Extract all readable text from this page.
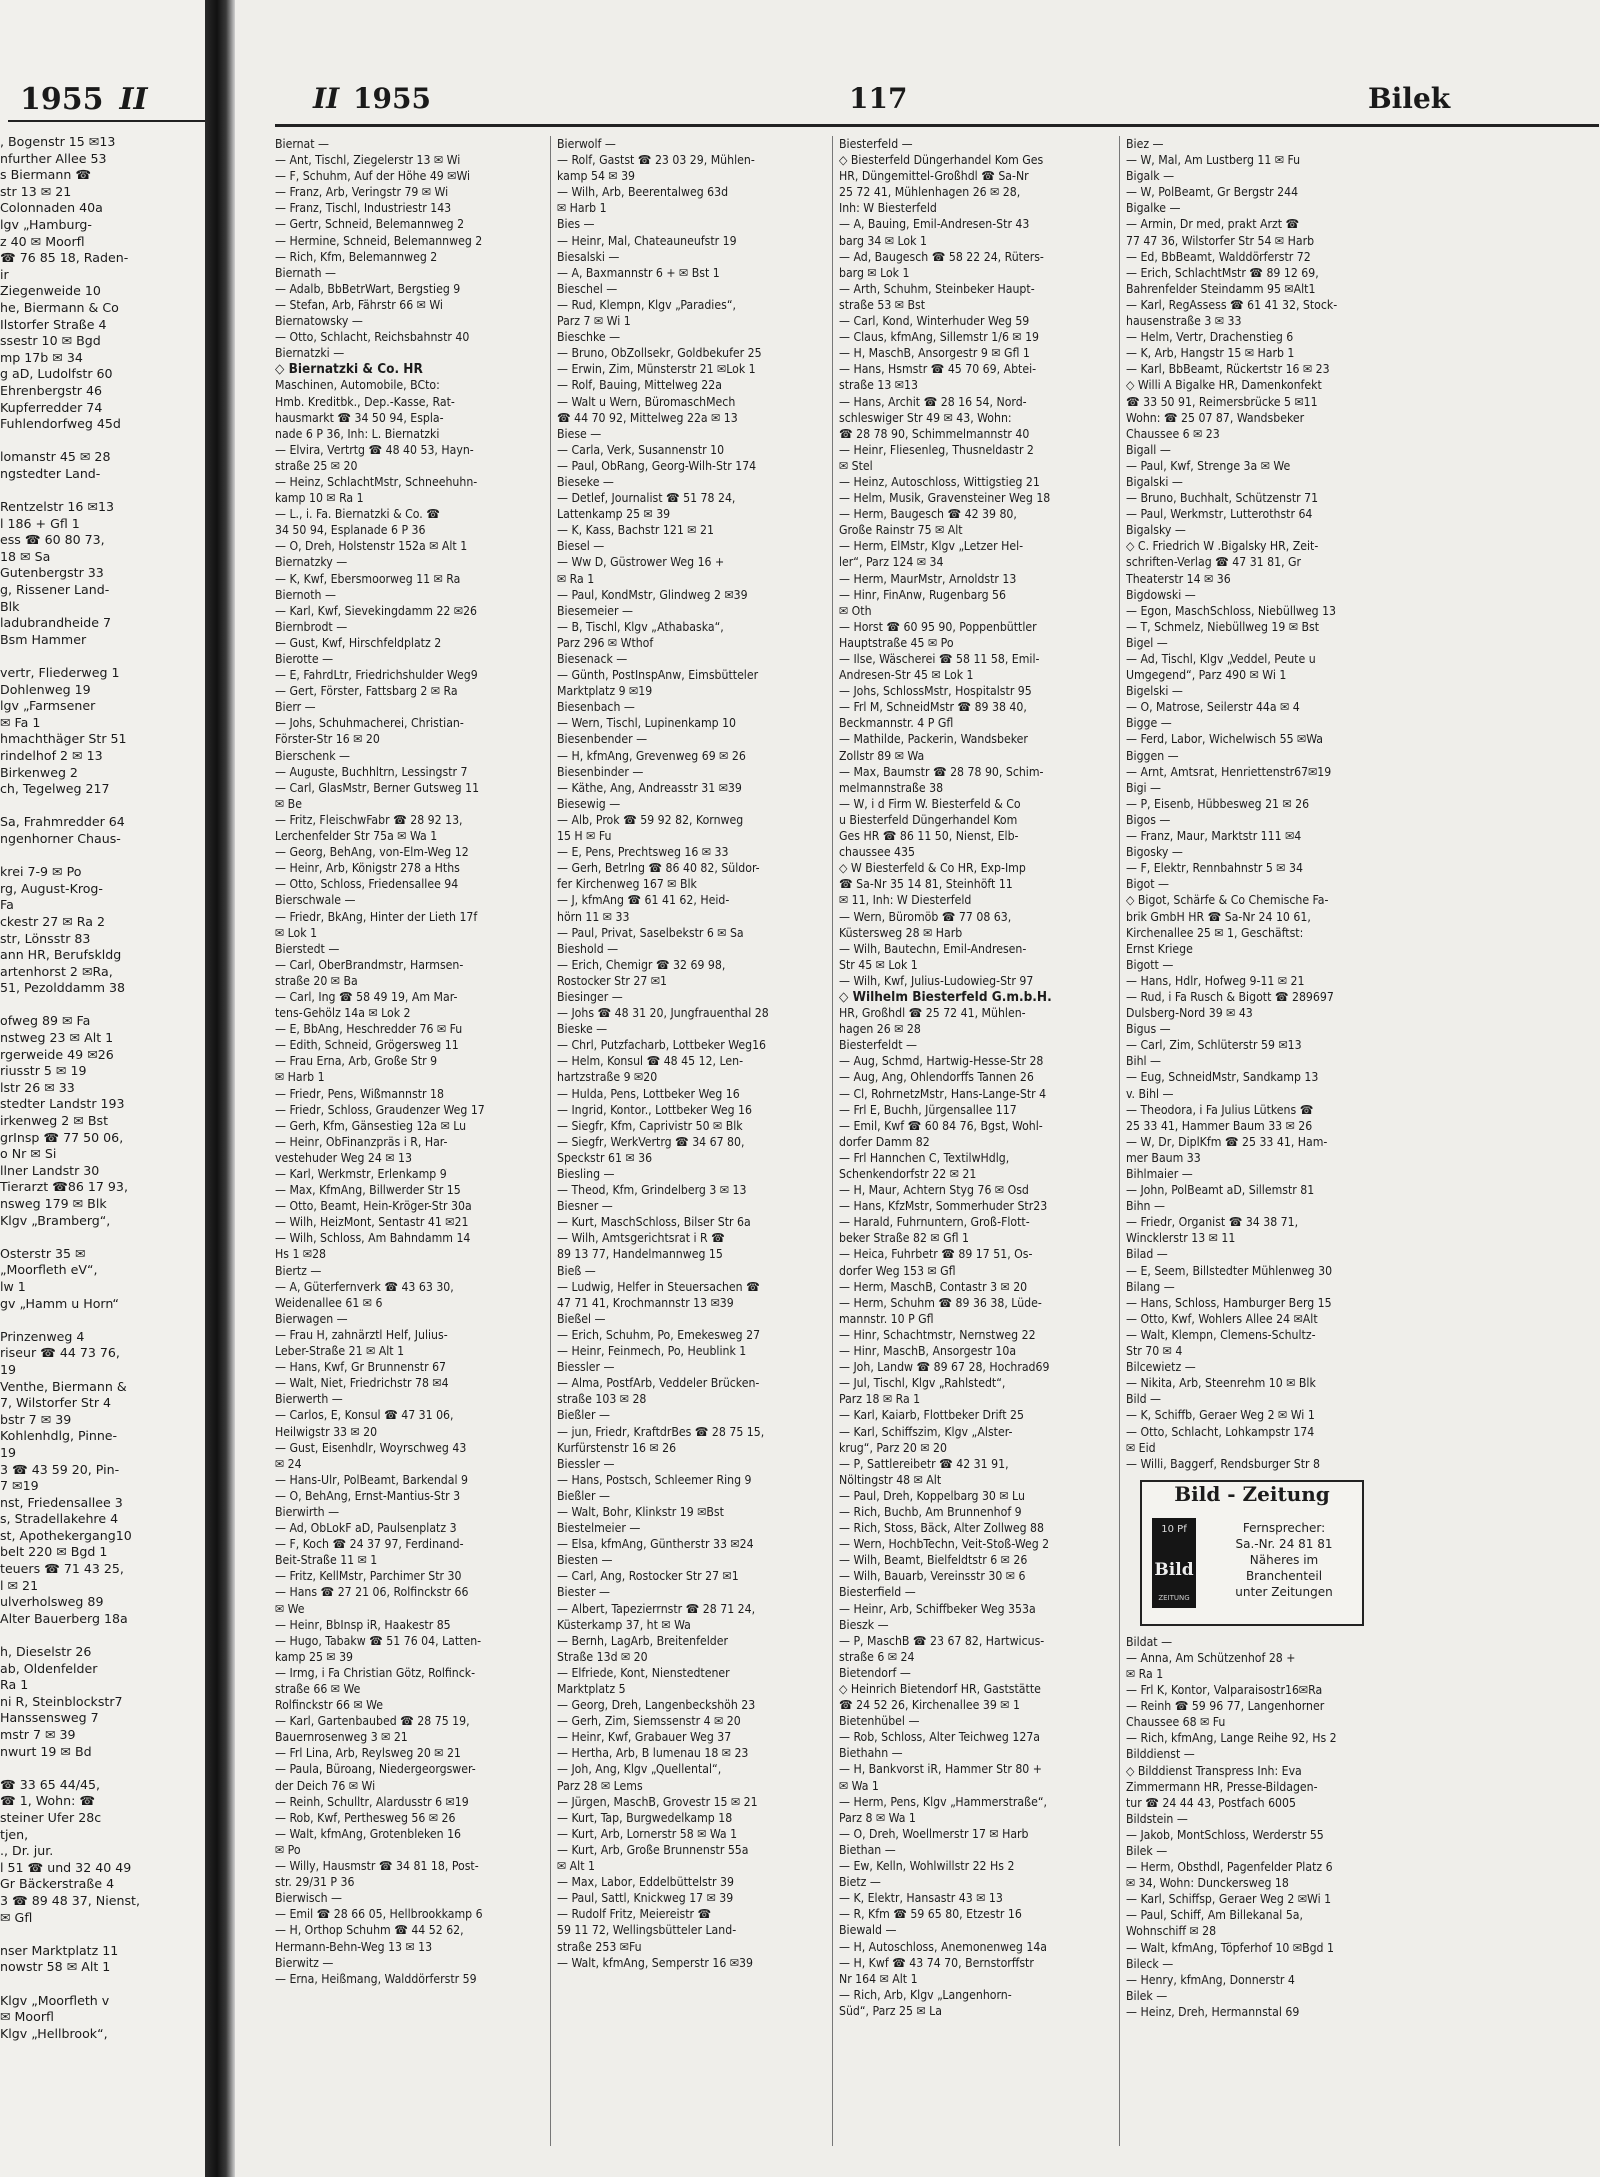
1955 II
, Bogenstr 15 ✉13
nfurther Allee 53
s Biermann ☎
str 13 ✉ 21
Colonnaden 40a
lgv „Hamburg-
z 40 ✉ Moorfl
☎ 76 85 18, Raden-
ir
Ziegenweide 10
he, Biermann & Co
Ilstorfer Straße 4
ssestr 10 ✉ Bgd
mp 17b ✉ 34
g aD, Ludolfstr 60
Ehrenbergstr 46
Kupferredder 74
Fuhlendorfweg 45d

lomanstr 45 ✉ 28
ngstedter Land-

Rentzelstr 16 ✉13
l 186 + Gfl 1
ess ☎ 60 80 73,
18 ✉ Sa
Gutenbergstr 33
g, Rissener Land-
Blk
ladubrandheide 7
Bsm Hammer

vertr, Fliederweg 1
Dohlenweg 19
lgv „Farmsener
✉ Fa 1
hmachthäger Str 51
rindelhof 2 ✉ 13
Birkenweg 2
ch, Tegelweg 217

Sa, Frahmredder 64
ngenhorner Chaus-

krei 7-9 ✉ Po
rg, August-Krog-
Fa
ckestr 27 ✉ Ra 2
str, Lönsstr 83
ann HR, Berufskldg
artenhorst 2 ✉Ra,
51, Pezolddamm 38

ofweg 89 ✉ Fa
nstweg 23 ✉ Alt 1
rgerweide 49 ✉26
riusstr 5 ✉ 19
lstr 26 ✉ 33
stedter Landstr 193
irkenweg 2 ✉ Bst
grInsp ☎ 77 50 06,
o Nr ✉ Si
llner Landstr 30
Tierarzt ☎86 17 93,
nsweg 179 ✉ Blk
Klgv „Bramberg“,

Osterstr 35 ✉
„Moorfleth eV“,
lw 1
gv „Hamm u Horn“

Prinzenweg 4
riseur ☎ 44 73 76,
19
Venthe, Biermann &
7, Wilstorfer Str 4
bstr 7 ✉ 39
Kohlenhdlg, Pinne-
19
3 ☎ 43 59 20, Pin-
7 ✉19
nst, Friedensallee 3
s, Stradellakehre 4
st, Apothekergang10
belt 220 ✉ Bgd 1
teuers ☎ 71 43 25,
l ✉ 21
ulverholsweg 89
Alter Bauerberg 18a

h, Dieselstr 26
ab, Oldenfelder
Ra 1
ni R, Steinblockstr7
Hanssensweg 7
mstr 7 ✉ 39
nwurt 19 ✉ Bd

☎ 33 65 44/45,
☎ 1, Wohn: ☎
steiner Ufer 28c
tjen,
., Dr. jur.
l 51 ☎ und 32 40 49
Gr Bäckerstraße 4
3 ☎ 89 48 37, Nienst,
✉ Gfl

nser Marktplatz 11
nowstr 58 ✉ Alt 1

Klgv „Moorfleth v
✉ Moorfl
Klgv „Hellbrook“,
II 1955	117	Bilek
Biernat —
— Ant, Tischl, Ziegelerstr 13 ✉ Wi
— F, Schuhm, Auf der Höhe 49 ✉Wi
— Franz, Arb, Veringstr 79 ✉ Wi
— Franz, Tischl, Industriestr 143
— Gertr, Schneid, Belemannweg 2
— Hermine, Schneid, Belemannweg 2
— Rich, Kfm, Belemannweg 2
Biernath —
— Adalb, BbBetrWart, Bergstieg 9
— Stefan, Arb, Fährstr 66 ✉ Wi
Biernatowsky —
— Otto, Schlacht, Reichsbahnstr 40
Biernatzki —
◇ Biernatzki & Co. HR
Maschinen, Automobile, BCto:
Hmb. Kreditbk., Dep.-Kasse, Rat-
hausmarkt ☎ 34 50 94, Espla-
nade 6 P 36, Inh: L. Biernatzki
— Elvira, Vertrtg ☎ 48 40 53, Hayn-
straße 25 ✉ 20
— Heinz, SchlachtMstr, Schneehuhn-
kamp 10 ✉ Ra 1
— L., i. Fa. Biernatzki & Co. ☎
34 50 94, Esplanade 6 P 36
— O, Dreh, Holstenstr 152a ✉ Alt 1
Biernatzky —
— K, Kwf, Ebersmoorweg 11 ✉ Ra
Biernoth —
— Karl, Kwf, Sievekingdamm 22 ✉26
Biernbrodt —
— Gust, Kwf, Hirschfeldplatz 2
Bierotte —
— E, FahrdLtr, Friedrichshulder Weg9
— Gert, Förster, Fattsbarg 2 ✉ Ra
Bierr —
— Johs, Schuhmacherei, Christian-
Förster-Str 16 ✉ 20
Bierschenk —
— Auguste, Buchhltrn, Lessingstr 7
— Carl, GlasMstr, Berner Gutsweg 11
✉ Be
— Fritz, FleischwFabr ☎ 28 92 13,
Lerchenfelder Str 75a ✉ Wa 1
— Georg, BehAng, von-Elm-Weg 12
— Heinr, Arb, Königstr 278 a Hths
— Otto, Schloss, Friedensallee 94
Bierschwale —
— Friedr, BkAng, Hinter der Lieth 17f
✉ Lok 1
Bierstedt —
— Carl, OberBrandmstr, Harmsen-
straße 20 ✉ Ba
— Carl, Ing ☎ 58 49 19, Am Mar-
tens-Gehölz 14a ✉ Lok 2
— E, BbAng, Heschredder 76 ✉ Fu
— Edith, Schneid, Grögersweg 11
— Frau Erna, Arb, Große Str 9
✉ Harb 1
— Friedr, Pens, Wißmannstr 18
— Friedr, Schloss, Graudenzer Weg 17
— Gerh, Kfm, Gänsestieg 12a ✉ Lu
— Heinr, ObFinanzpräs i R, Har-
vestehuder Weg 24 ✉ 13
— Karl, Werkmstr, Erlenkamp 9
— Max, KfmAng, Billwerder Str 15
— Otto, Beamt, Hein-Kröger-Str 30a
— Wilh, HeizMont, Sentastr 41 ✉21
— Wilh, Schloss, Am Bahndamm 14
Hs 1 ✉28
Biertz —
— A, Güterfernverk ☎ 43 63 30,
Weidenallee 61 ✉ 6
Bierwagen —
— Frau H, zahnärztl Helf, Julius-
Leber-Straße 21 ✉ Alt 1
— Hans, Kwf, Gr Brunnenstr 67
— Walt, Niet, Friedrichstr 78 ✉4
Bierwerth —
— Carlos, E, Konsul ☎ 47 31 06,
Heilwigstr 33 ✉ 20
— Gust, Eisenhdlr, Woyrschweg 43
✉ 24
— Hans-Ulr, PolBeamt, Barkendal 9
— O, BehAng, Ernst-Mantius-Str 3
Bierwirth —
— Ad, ObLokF aD, Paulsenplatz 3
— F, Koch ☎ 24 37 97, Ferdinand-
Beit-Straße 11 ✉ 1
— Fritz, KellMstr, Parchimer Str 30
— Hans ☎ 27 21 06, Rolfinckstr 66
✉ We
— Heinr, BbInsp iR, Haakestr 85
— Hugo, Tabakw ☎ 51 76 04, Latten-
kamp 25 ✉ 39
— Irmg, i Fa Christian Götz, Rolfinck-
straße 66 ✉ We
Rolfinckstr 66 ✉ We
— Karl, Gartenbaubed ☎ 28 75 19,
Bauernrosenweg 3 ✉ 21
— Frl Lina, Arb, Reylsweg 20 ✉ 21
— Paula, Büroang, Niedergeorgswer-
der Deich 76 ✉ Wi
— Reinh, Schulltr, Alardusstr 6 ✉19
— Rob, Kwf, Perthesweg 56 ✉ 26
— Walt, kfmAng, Grotenbleken 16
✉ Po
— Willy, Hausmstr ☎ 34 81 18, Post-
str. 29/31 P 36
Bierwisch —
— Emil ☎ 28 66 05, Hellbrookkamp 6
— H, Orthop Schuhm ☎ 44 52 62,
Hermann-Behn-Weg 13 ✉ 13
Bierwitz —
— Erna, Heißmang, Walddörferstr 59
Bierwolf —
— Rolf, Gastst ☎ 23 03 29, Mühlen-
kamp 54 ✉ 39
— Wilh, Arb, Beerentalweg 63d
✉ Harb 1
Bies —
— Heinr, Mal, Chateauneufstr 19
Biesalski —
— A, Baxmannstr 6 + ✉ Bst 1
Bieschel —
— Rud, Klempn, Klgv „Paradies“,
Parz 7 ✉ Wi 1
Bieschke —
— Bruno, ObZollsekr, Goldbekufer 25
— Erwin, Zim, Münsterstr 21 ✉Lok 1
— Rolf, Bauing, Mittelweg 22a
— Walt u Wern, BüromaschMech
☎ 44 70 92, Mittelweg 22a ✉ 13
Biese —
— Carla, Verk, Susannenstr 10
— Paul, ObRang, Georg-Wilh-Str 174
Bieseke —
— Detlef, Journalist ☎ 51 78 24,
Lattenkamp 25 ✉ 39
— K, Kass, Bachstr 121 ✉ 21
Biesel —
— Ww D, Güstrower Weg 16 +
✉ Ra 1
— Paul, KondMstr, Glindweg 2 ✉39
Biesemeier —
— B, Tischl, Klgv „Athabaska“,
Parz 296 ✉ Wthof
Biesenack —
— Günth, PostInspAnw, Eimsbütteler
Marktplatz 9 ✉19
Biesenbach —
— Wern, Tischl, Lupinenkamp 10
Biesenbender —
— H, kfmAng, Grevenweg 69 ✉ 26
Biesenbinder —
— Käthe, Ang, Andreasstr 31 ✉39
Biesewig —
— Alb, Prok ☎ 59 92 82, Kornweg
15 H ✉ Fu
— E, Pens, Prechtsweg 16 ✉ 33
— Gerh, Betrlng ☎ 86 40 82, Süldor-
fer Kirchenweg 167 ✉ Blk
— J, kfmAng ☎ 61 41 62, Heid-
hörn 11 ✉ 33
— Paul, Privat, Saselbekstr 6 ✉ Sa
Bieshold —
— Erich, Chemigr ☎ 32 69 98,
Rostocker Str 27 ✉1
Biesinger —
— Johs ☎ 48 31 20, Jungfrauenthal 28
Bieske —
— Chrl, Putzfacharb, Lottbeker Weg16
— Helm, Konsul ☎ 48 45 12, Len-
hartzstraße 9 ✉20
— Hulda, Pens, Lottbeker Weg 16
— Ingrid, Kontor., Lottbeker Weg 16
— Siegfr, Kfm, Caprivistr 50 ✉ Blk
— Siegfr, WerkVertrg ☎ 34 67 80,
Speckstr 61 ✉ 36
Biesling —
— Theod, Kfm, Grindelberg 3 ✉ 13
Biesner —
— Kurt, MaschSchloss, Bilser Str 6a
— Wilh, Amtsgerichtsrat i R ☎
89 13 77, Handelmannweg 15
Bieß —
— Ludwig, Helfer in Steuersachen ☎
47 71 41, Krochmannstr 13 ✉39
Bießel —
— Erich, Schuhm, Po, Emekesweg 27
— Heinr, Feinmech, Po, Heublink 1
Biessler —
— Alma, PostfArb, Veddeler Brücken-
straße 103 ✉ 28
Bießler —
— jun, Friedr, KraftdrBes ☎ 28 75 15,
Kurfürstenstr 16 ✉ 26
Biessler —
— Hans, Postsch, Schleemer Ring 9
Bießler —
— Walt, Bohr, Klinkstr 19 ✉Bst
Biestelmeier —
— Elsa, kfmAng, Güntherstr 33 ✉24
Biesten —
— Carl, Ang, Rostocker Str 27 ✉1
Biester —
— Albert, Tapezierrnstr ☎ 28 71 24,
Küsterkamp 37, ht ✉ Wa
— Bernh, LagArb, Breitenfelder
Straße 13d ✉ 20
— Elfriede, Kont, Nienstedtener
Marktplatz 5
— Georg, Dreh, Langenbeckshöh 23
— Gerh, Zim, Siemssenstr 4 ✉ 20
— Heinr, Kwf, Grabauer Weg 37
— Hertha, Arb, B lumenau 18 ✉ 23
— Joh, Ang, Klgv „Quellental“,
Parz 28 ✉ Lems
— Jürgen, MaschB, Grovestr 15 ✉ 21
— Kurt, Tap, Burgwedelkamp 18
— Kurt, Arb, Lornerstr 58 ✉ Wa 1
— Kurt, Arb, Große Brunnenstr 55a
✉ Alt 1
— Max, Labor, Eddelbüttelstr 39
— Paul, Sattl, Knickweg 17 ✉ 39
— Rudolf Fritz, Meiereistr ☎
59 11 72, Wellingsbütteler Land-
straße 253 ✉Fu
— Walt, kfmAng, Semperstr 16 ✉39
Biesterfeld —
◇ Biesterfeld Düngerhandel Kom Ges
HR, Düngemittel-Großhdl ☎ Sa-Nr
25 72 41, Mühlenhagen 26 ✉ 28,
Inh: W Biesterfeld
— A, Bauing, Emil-Andresen-Str 43
barg 34 ✉ Lok 1
— Ad, Baugesch ☎ 58 22 24, Rüters-
barg ✉ Lok 1
— Arth, Schuhm, Steinbeker Haupt-
straße 53 ✉ Bst
— Carl, Kond, Winterhuder Weg 59
— Claus, kfmAng, Sillemstr 1/6 ✉ 19
— H, MaschB, Ansorgestr 9 ✉ Gfl 1
— Hans, Hsmstr ☎ 45 70 69, Abtei-
straße 13 ✉13
— Hans, Archit ☎ 28 16 54, Nord-
schleswiger Str 49 ✉ 43, Wohn:
☎ 28 78 90, Schimmelmannstr 40
— Heinr, Fliesenleg, Thusneldastr 2
✉ Stel
— Heinz, Autoschloss, Wittigstieg 21
— Helm, Musik, Gravensteiner Weg 18
— Herm, Baugesch ☎ 42 39 80,
Große Rainstr 75 ✉ Alt
— Herm, ElMstr, Klgv „Letzer Hel-
ler“, Parz 124 ✉ 34
— Herm, MaurMstr, Arnoldstr 13
— Hinr, FinAnw, Rugenbarg 56
✉ Oth
— Horst ☎ 60 95 90, Poppenbüttler
Hauptstraße 45 ✉ Po
— Ilse, Wäscherei ☎ 58 11 58, Emil-
Andresen-Str 45 ✉ Lok 1
— Johs, SchlossMstr, Hospitalstr 95
— Frl M, SchneidMstr ☎ 89 38 40,
Beckmannstr. 4 P Gfl
— Mathilde, Packerin, Wandsbeker
Zollstr 89 ✉ Wa
— Max, Baumstr ☎ 28 78 90, Schim-
melmannstraße 38
— W, i d Firm W. Biesterfeld & Co
u Biesterfeld Düngerhandel Kom
Ges HR ☎ 86 11 50, Nienst, Elb-
chaussee 435
◇ W Biesterfeld & Co HR, Exp-Imp
☎ Sa-Nr 35 14 81, Steinhöft 11
✉ 11, Inh: W Diesterfeld
— Wern, Büromöb ☎ 77 08 63,
Küstersweg 28 ✉ Harb
— Wilh, Bautechn, Emil-Andresen-
Str 45 ✉ Lok 1
— Wilh, Kwf, Julius-Ludowieg-Str 97
◇ Wilhelm Biesterfeld G.m.b.H.
HR, Großhdl ☎ 25 72 41, Mühlen-
hagen 26 ✉ 28
Biesterfeldt —
— Aug, Schmd, Hartwig-Hesse-Str 28
— Aug, Ang, Ohlendorffs Tannen 26
— Cl, RohrnetzMstr, Hans-Lange-Str 4
— Frl E, Buchh, Jürgensallee 117
— Emil, Kwf ☎ 60 84 76, Bgst, Wohl-
dorfer Damm 82
— Frl Hannchen C, TextilwHdlg,
Schenkendorfstr 22 ✉ 21
— H, Maur, Achtern Styg 76 ✉ Osd
— Hans, KfzMstr, Sommerhuder Str23
— Harald, Fuhrnuntern, Groß-Flott-
beker Straße 82 ✉ Gfl 1
— Heica, Fuhrbetr ☎ 89 17 51, Os-
dorfer Weg 153 ✉ Gfl
— Herm, MaschB, Contastr 3 ✉ 20
— Herm, Schuhm ☎ 89 36 38, Lüde-
mannstr. 10 P Gfl
— Hinr, Schachtmstr, Nernstweg 22
— Hinr, MaschB, Ansorgestr 10a
— Joh, Landw ☎ 89 67 28, Hochrad69
— Jul, Tischl, Klgv „Rahlstedt“,
Parz 18 ✉ Ra 1
— Karl, Kaiarb, Flottbeker Drift 25
— Karl, Schiffszim, Klgv „Alster-
krug“, Parz 20 ✉ 20
— P, Sattlereibetr ☎ 42 31 91,
Nöltingstr 48 ✉ Alt
— Paul, Dreh, Koppelbarg 30 ✉ Lu
— Rich, Buchb, Am Brunnenhof 9
— Rich, Stoss, Bäck, Alter Zollweg 88
— Wern, HochbTechn, Veit-Stoß-Weg 2
— Wilh, Beamt, Bielfeldtstr 6 ✉ 26
— Wilh, Bauarb, Vereinsstr 30 ✉ 6
Biesterfield —
— Heinr, Arb, Schiffbeker Weg 353a
Bieszk —
— P, MaschB ☎ 23 67 82, Hartwicus-
straße 6 ✉ 24
Bietendorf —
◇ Heinrich Bietendorf HR, Gaststätte
☎ 24 52 26, Kirchenallee 39 ✉ 1
Bietenhübel —
— Rob, Schloss, Alter Teichweg 127a
Biethahn —
— H, Bankvorst iR, Hammer Str 80 +
✉ Wa 1
— Herm, Pens, Klgv „Hammerstraße“,
Parz 8 ✉ Wa 1
— O, Dreh, Woellmerstr 17 ✉ Harb
Biethan —
— Ew, Kelln, Wohlwillstr 22 Hs 2
Bietz —
— K, Elektr, Hansastr 43 ✉ 13
— R, Kfm ☎ 59 65 80, Etzestr 16
Biewald —
— H, Autoschloss, Anemonenweg 14a
— H, Kwf ☎ 43 74 70, Bernstorffstr
Nr 164 ✉ Alt 1
— Rich, Arb, Klgv „Langenhorn-
Süd“, Parz 25 ✉ La
Biez —
— W, Mal, Am Lustberg 11 ✉ Fu
Bigalk —
— W, PolBeamt, Gr Bergstr 244
Bigalke —
— Armin, Dr med, prakt Arzt ☎
77 47 36, Wilstorfer Str 54 ✉ Harb
— Ed, BbBeamt, Walddörferstr 72
— Erich, SchlachtMstr ☎ 89 12 69,
Bahrenfelder Steindamm 95 ✉Alt1
— Karl, RegAssess ☎ 61 41 32, Stock-
hausenstraße 3 ✉ 33
— Helm, Vertr, Drachenstieg 6
— K, Arb, Hangstr 15 ✉ Harb 1
— Karl, BbBeamt, Rückertstr 16 ✉ 23
◇ Willi A Bigalke HR, Damenkonfekt
☎ 33 50 91, Reimersbrücke 5 ✉11
Wohn: ☎ 25 07 87, Wandsbeker
Chaussee 6 ✉ 23
Bigall —
— Paul, Kwf, Strenge 3a ✉ We
Bigalski —
— Bruno, Buchhalt, Schützenstr 71
— Paul, Werkmstr, Lutterothstr 64
Bigalsky —
◇ C. Friedrich W .Bigalsky HR, Zeit-
schriften-Verlag ☎ 47 31 81, Gr
Theaterstr 14 ✉ 36
Bigdowski —
— Egon, MaschSchloss, Niebüllweg 13
— T, Schmelz, Niebüllweg 19 ✉ Bst
Bigel —
— Ad, Tischl, Klgv „Veddel, Peute u
Umgegend“, Parz 490 ✉ Wi 1
Bigelski —
— O, Matrose, Seilerstr 44a ✉ 4
Bigge —
— Ferd, Labor, Wichelwisch 55 ✉Wa
Biggen —
— Arnt, Amtsrat, Henriettenstr67✉19
Bigi —
— P, Eisenb, Hübbesweg 21 ✉ 26
Bigos —
— Franz, Maur, Marktstr 111 ✉4
Bigosky —
— F, Elektr, Rennbahnstr 5 ✉ 34
Bigot —
◇ Bigot, Schärfe & Co Chemische Fa-
brik GmbH HR ☎ Sa-Nr 24 10 61,
Kirchenallee 25 ✉ 1, Geschäftst:
Ernst Kriege
Bigott —
— Hans, Hdlr, Hofweg 9-11 ✉ 21
— Rud, i Fa Rusch & Bigott ☎ 289697
Dulsberg-Nord 39 ✉ 43
Bigus —
— Carl, Zim, Schlüterstr 59 ✉13
Bihl —
— Eug, SchneidMstr, Sandkamp 13
v. Bihl —
— Theodora, i Fa Julius Lütkens ☎
25 33 41, Hammer Baum 33 ✉ 26
— W, Dr, DiplKfm ☎ 25 33 41, Ham-
mer Baum 33
Bihlmaier —
— John, PolBeamt aD, Sillemstr 81
Bihn —
— Friedr, Organist ☎ 34 38 71,
Wincklerstr 13 ✉ 11
Bilad —
— E, Seem, Billstedter Mühlenweg 30
Bilang —
— Hans, Schloss, Hamburger Berg 15
— Otto, Kwf, Wohlers Allee 24 ✉Alt
— Walt, Klempn, Clemens-Schultz-
Str 70 ✉ 4
Bilcewietz —
— Nikita, Arb, Steenrehm 10 ✉ Blk
Bild —
— K, Schiffb, Geraer Weg 2 ✉ Wi 1
— Otto, Schlacht, Lohkampstr 174
✉ Eid
— Willi, Baggerf, Rendsburger Str 8
Bild - Zeitung
10 Pf
Bild
ZEITUNG
Fernsprecher:
Sa.-Nr. 24 81 81
Näheres im
Branchenteil
unter Zeitungen
Bildat —
— Anna, Am Schützenhof 28 +
✉ Ra 1
— Frl K, Kontor, Valparaisostr16✉Ra
— Reinh ☎ 59 96 77, Langenhorner
Chaussee 68 ✉ Fu
— Rich, kfmAng, Lange Reihe 92, Hs 2
Bilddienst —
◇ Bilddienst Transpress Inh: Eva
Zimmermann HR, Presse-Bildagen-
tur ☎ 24 44 43, Postfach 6005
Bildstein —
— Jakob, MontSchloss, Werderstr 55
Bilek —
— Herm, Obsthdl, Pagenfelder Platz 6
✉ 34, Wohn: Dunckersweg 18
— Karl, Schiffsp, Geraer Weg 2 ✉Wi 1
— Paul, Schiff, Am Billekanal 5a,
Wohnschiff ✉ 28
— Walt, kfmAng, Töpferhof 10 ✉Bgd 1
Bileck —
— Henry, kfmAng, Donnerstr 4
Bilek —
— Heinz, Dreh, Hermannstal 69
